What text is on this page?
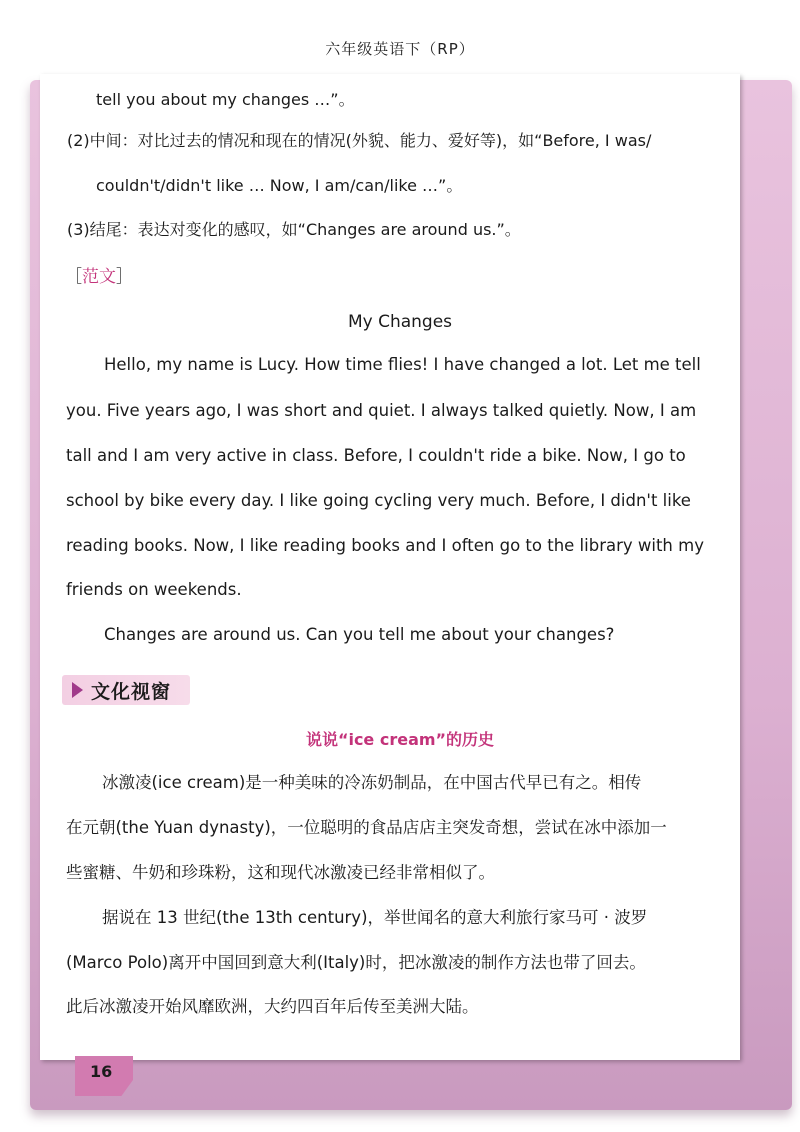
六年级英语下（RP）
tell you about my changes …”。
(2)中间：对比过去的情况和现在的情况(外貌、能力、爱好等)，如“Before, I was/
couldn't/didn't like … Now, I am/can/like …”。
(3)结尾：表达对变化的感叹，如“Changes are around us.”。
［范文］
My Changes
Hello, my name is Lucy. How time flies! I have changed a lot. Let me tell
you. Five years ago, I was short and quiet. I always talked quietly. Now, I am
tall and I am very active in class. Before, I couldn't ride a bike. Now, I go to
school by bike every day. I like going cycling very much. Before, I didn't like
reading books. Now, I like reading books and I often go to the library with my
friends on weekends.
Changes are around us. Can you tell me about your changes?
文化视窗
说说“ice cream”的历史
冰激凌(ice cream)是一种美味的冷冻奶制品，在中国古代早已有之。相传
在元朝(the Yuan dynasty)，一位聪明的食品店店主突发奇想，尝试在冰中添加一
些蜜糖、牛奶和珍珠粉，这和现代冰激凌已经非常相似了。
据说在 13 世纪(the 13th century)，举世闻名的意大利旅行家马可 · 波罗
(Marco Polo)离开中国回到意大利(Italy)时，把冰激凌的制作方法也带了回去。
此后冰激凌开始风靡欧洲，大约四百年后传至美洲大陆。
16
